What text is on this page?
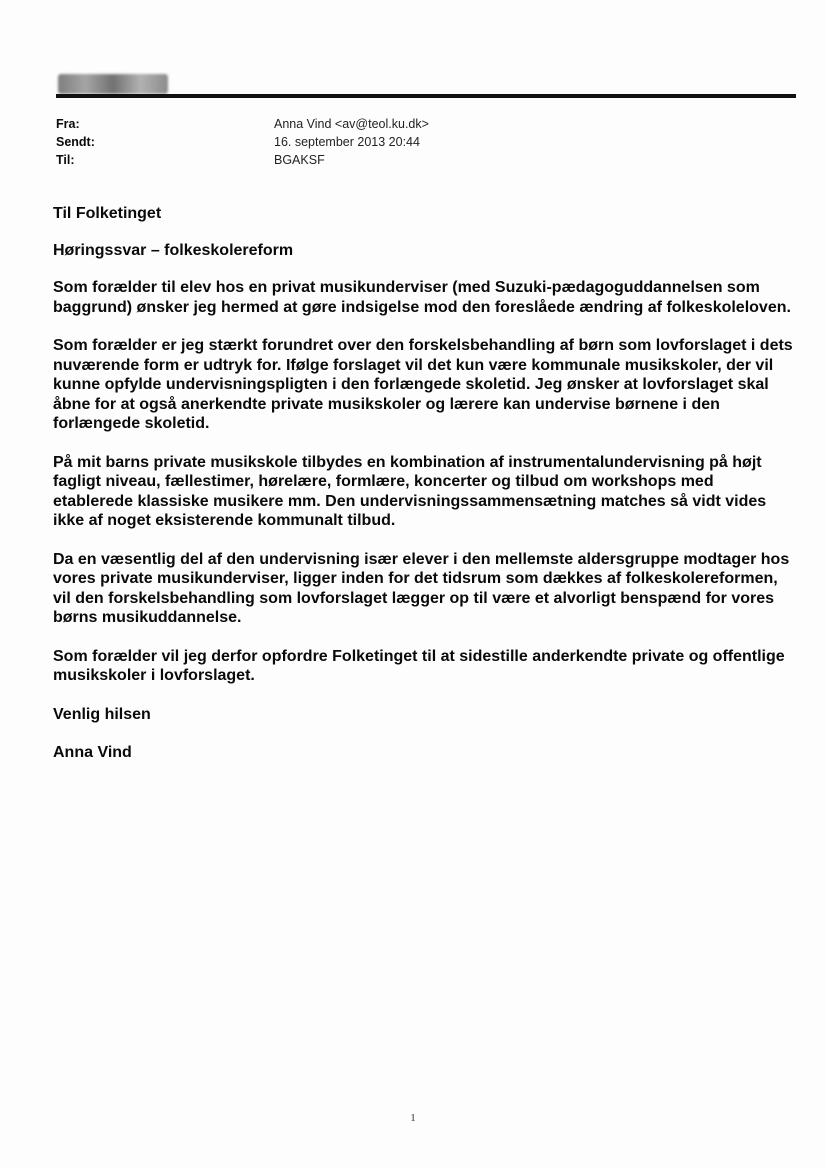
Fra:	Anna Vind <av@teol.ku.dk>
Sendt:	16. september 2013 20:44
Til:	BGAKSF

Til Folketinget

Høringssvar – folkeskolereform

Som forælder til elev hos en privat musikunderviser (med Suzuki-pædagoguddannelsen som baggrund) ønsker jeg hermed at gøre indsigelse mod den foreslåede ændring af folkeskoleloven.

Som forælder er jeg stærkt forundret over den forskelsbehandling af børn som lovforslaget i dets nuværende form er udtryk for. Ifølge forslaget vil det kun være kommunale musikskoler, der vil kunne opfylde undervisningspligten i den forlængede skoletid. Jeg ønsker at lovforslaget skal åbne for at også anerkendte private musikskoler og lærere kan undervise børnene i den forlængede skoletid.

På mit barns private musikskole tilbydes en kombination af instrumentalundervisning på højt fagligt niveau, fællestimer, hørelære, formlære, koncerter og tilbud om workshops med etablerede klassiske musikere mm. Den undervisningssammensætning matches så vidt vides ikke af noget eksisterende kommunalt tilbud.

Da en væsentlig del af den undervisning især elever i den mellemste aldersgruppe modtager hos vores private musikunderviser, ligger inden for det tidsrum som dækkes af folkeskolereformen, vil den forskelsbehandling som lovforslaget lægger op til være et alvorligt benspænd for vores børns musikuddannelse.

Som forælder vil jeg derfor opfordre Folketinget til at sidestille anderkendte private og offentlige musikskoler i lovforslaget.

Venlig hilsen

Anna Vind

1
